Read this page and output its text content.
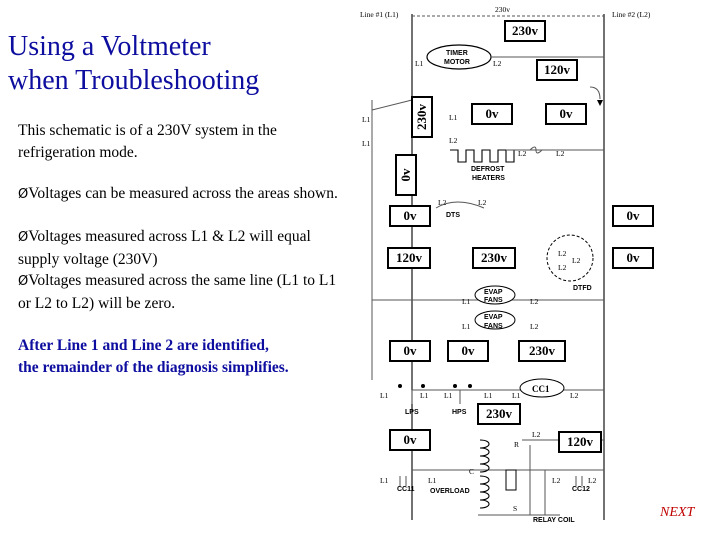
Using a Voltmeter
when Troubleshooting
This schematic is of a 230V system in the refrigeration mode.
ØVoltages can be measured across the areas shown.
ØVoltages measured across L1 & L2 will equal supply voltage (230V)
ØVoltages measured across the same line (L1 to L1 or L2 to L2) will be zero.
After Line 1 and Line 2 are identified,
the remainder of the diagnosis simplifies.
NEXT
Line #1 (L1)
230v
Line #2 (L2)
TIMER
MOTOR
L1	L2
L1
L1
L1
L2
DEFROST
HEATERS
L2	L2
L2	L2
DTS
L2
L2
L2
DTFD
EVAP
FANS
EVAP
FANS
L1	L2
L1	L2
L1	L1 L1	L1	L1	L2
CC1
LPS	HPS
L2
R
C
S
L1	L1	L2	L2
CC11 OVERLOAD	CC12
RELAY COIL
230v
120v
230v	0v	0v
0v
0v	0v
120v	230v	0v
0v	0v	230v
230v
0v	120v
